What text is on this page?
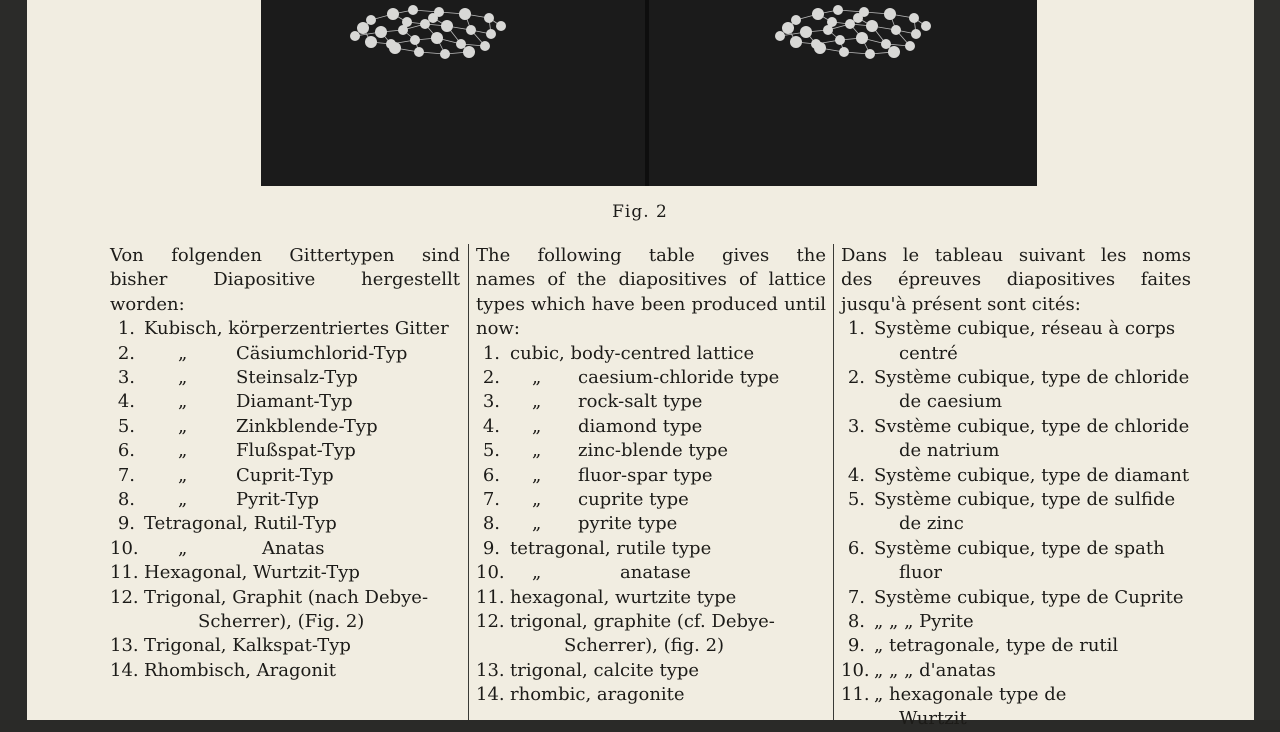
Fig. 2
Von folgenden Gittertypen sind
bisher Diapositive hergestellt
worden:
1. Kubisch, körperzentriertes Gitter
2. „	Cäsiumchlorid-Typ
3. „	Steinsalz-Typ
4. „	Diamant-Typ
5. „	Zinkblende-Typ
6. „	Flußspat-Typ
7. „	Cuprit-Typ
8. „	Pyrit-Typ
9. Tetragonal, Rutil-Typ
10. „	Anatas
11. Hexagonal, Wurtzit-Typ
12. Trigonal, Graphit (nach Debye-
Scherrer), (Fig. 2)
13. Trigonal, Kalkspat-Typ
14. Rhombisch, Aragonit
The following table gives the
names of the diapositives of lattice
types which have been produced until
now:
1. cubic, body-centred lattice
2. „ caesium-chloride type
3. „ rock-salt type
4. „ diamond type
5. „ zinc-blende type
6. „ fluor-spar type
7. „ cuprite type
8. „ pyrite type
9. tetragonal, rutile type
10. „	anatase
11. hexagonal, wurtzite type
12. trigonal, graphite (cf. Debye-
Scherrer), (fig. 2)
13. trigonal, calcite type
14. rhombic, aragonite
Dans le tableau suivant les noms
des épreuves diapositives faites
jusqu'à présent sont cités:
1. Système cubique, réseau à corps
centré
2. Système cubique, type de chloride
de caesium
3. Svstème cubique, type de chloride
de natrium
4. Système cubique, type de diamant
5. Système cubique, type de sulfide
de zinc
6. Système cubique, type de spath
fluor
7. Système cubique, type de Cuprite
8. „ „ „ Pyrite
9. „ tetragonale, type de rutil
10. „ „ „ d'anatas
11. „ hexagonale type de
Wurtzit
